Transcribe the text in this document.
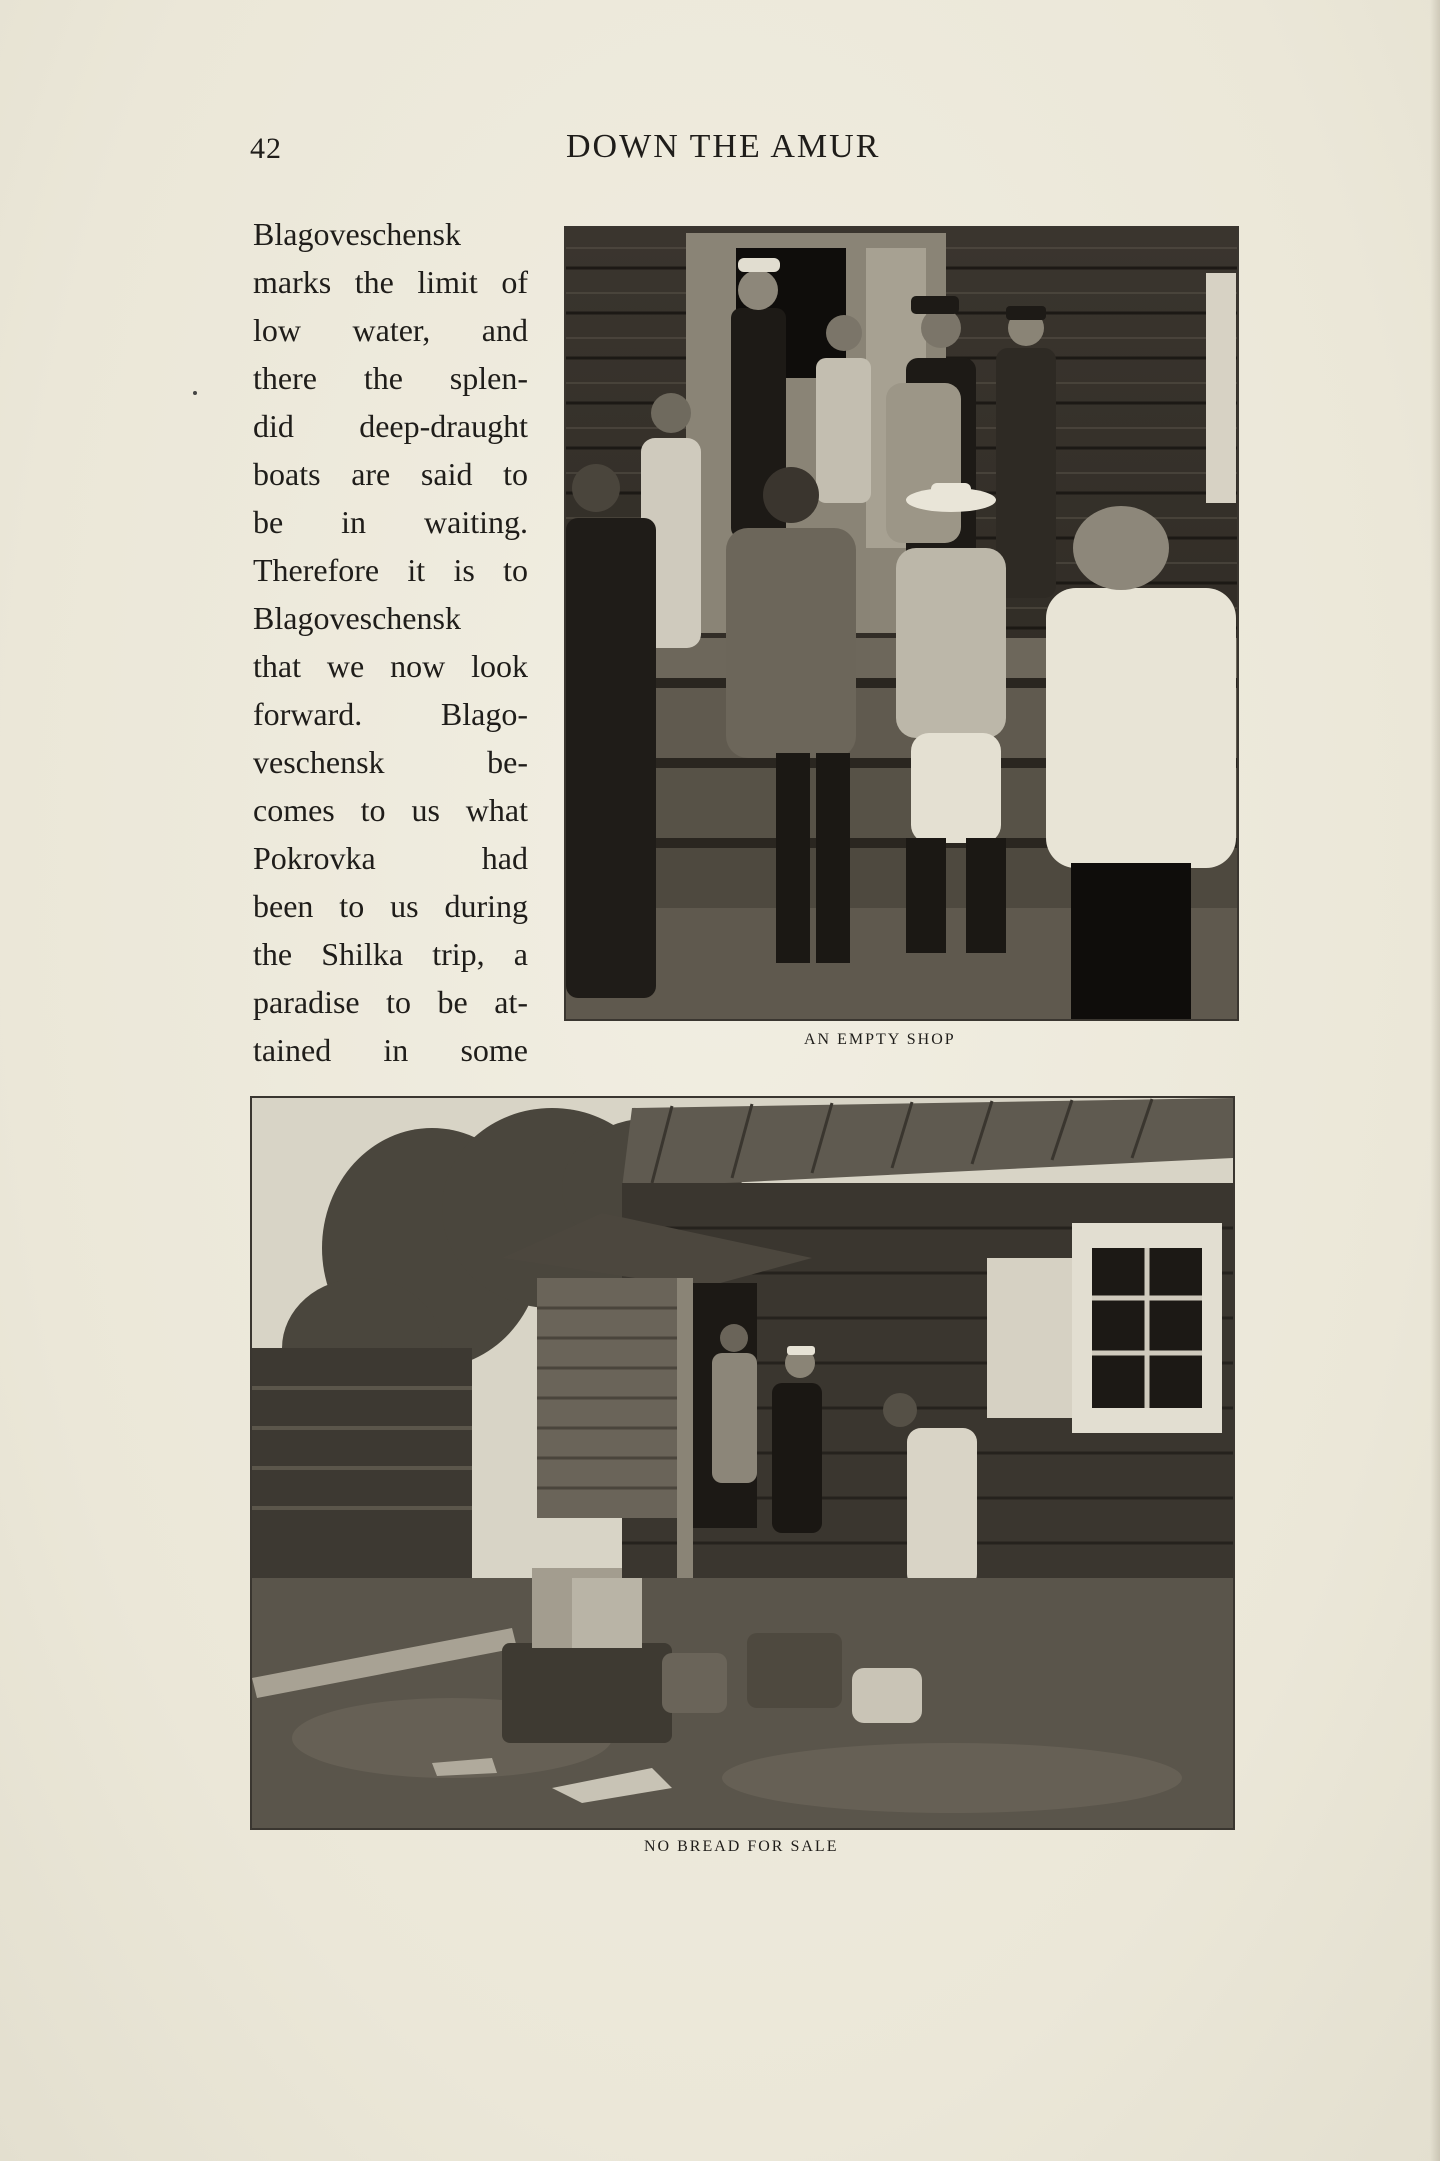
42	DOWN THE AMUR
Blagoveschensk
marks the limit of
low water, and
there the splen-
did deep-draught
boats are said to
be in waiting.
Therefore it is to
Blagoveschensk
that we now look
forward. Blago-
veschensk be-
comes to us what
Pokrovka had
been to us during
the Shilka trip, a
paradise to be at-
tained in some	AN EMPTY SHOP
NO BREAD FOR SALE
